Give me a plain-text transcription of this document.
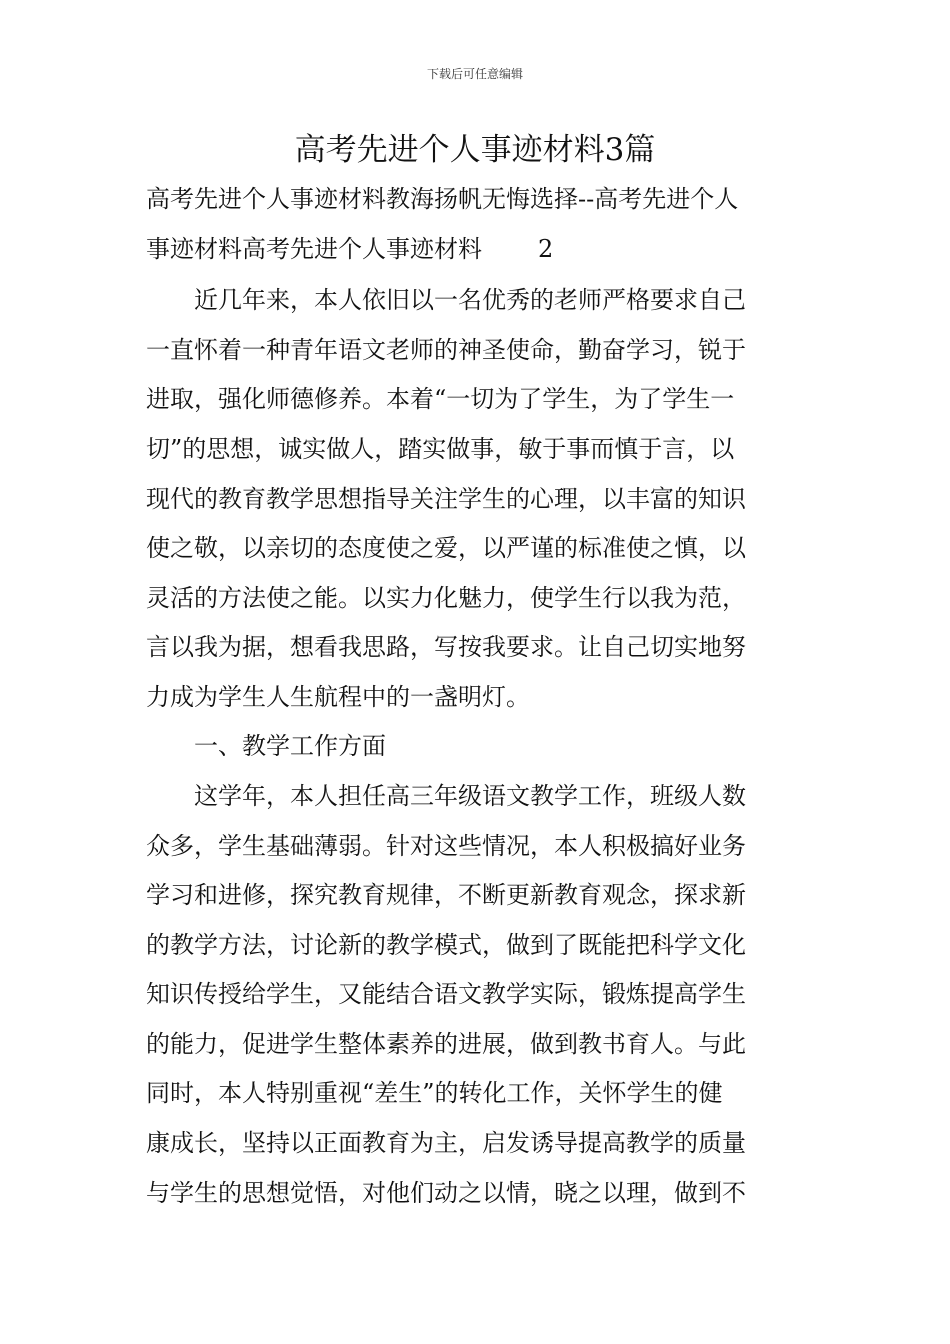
下载后可任意编辑
高考先进个人事迹材料3篇
高考先进个人事迹材料教海扬帆无悔选择--高考先进个人
事迹材料高考先进个人事迹材料 2
　　近几年来，本人依旧以一名优秀的老师严格要求自己
一直怀着一种青年语文老师的神圣使命，勤奋学习，锐于
进取，强化师德修养。本着“一切为了学生，为了学生一
切”的思想，诚实做人，踏实做事，敏于事而慎于言，以
现代的教育教学思想指导关注学生的心理，以丰富的知识
使之敬，以亲切的态度使之爱，以严谨的标准使之慎，以
灵活的方法使之能。以实力化魅力，使学生行以我为范，
言以我为据，想看我思路，写按我要求。让自己切实地努
力成为学生人生航程中的一盏明灯。
　　一、教学工作方面
　　这学年，本人担任高三年级语文教学工作，班级人数
众多，学生基础薄弱。针对这些情况，本人积极搞好业务
学习和进修，探究教育规律，不断更新教育观念，探求新
的教学方法，讨论新的教学模式，做到了既能把科学文化
知识传授给学生，又能结合语文教学实际，锻炼提高学生
的能力，促进学生整体素养的进展，做到教书育人。与此
同时，本人特别重视“差生”的转化工作，关怀学生的健
康成长，坚持以正面教育为主，启发诱导提高教学的质量
与学生的思想觉悟，对他们动之以情，晓之以理，做到不
